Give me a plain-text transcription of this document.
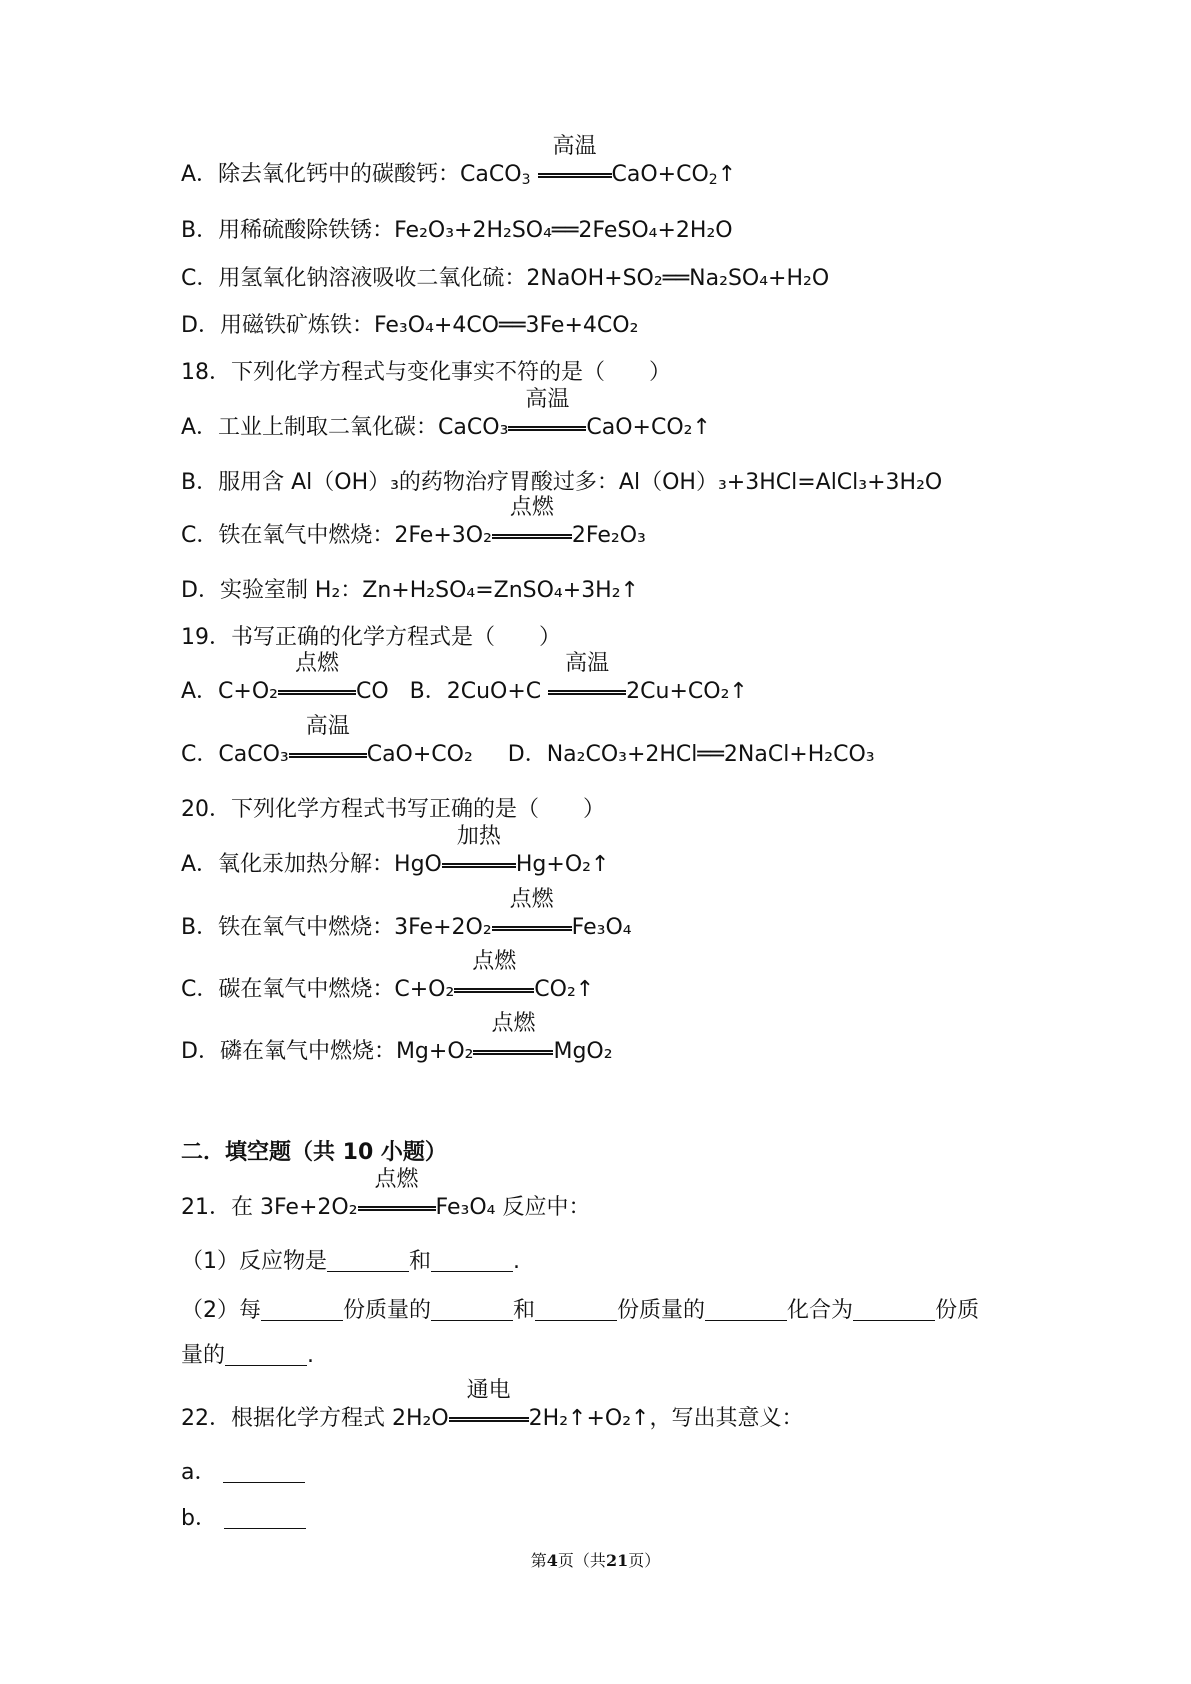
A．除去氧化钙中的碳酸钙：CaCO$_3$
高温
$CaO+CO_2↑$
B．用稀硫酸除铁锈：Fe₂O₃+2H₂SO₄══2FeSO₄+2H₂O
C．用氢氧化钠溶液吸收二氧化硫：2NaOH+SO₂══Na₂SO₄+H₂O
D．用磁铁矿炼铁：Fe₃O₄+4CO══3Fe+4CO₂
18．下列化学方程式与变化事实不符的是（　　）
A．工业上制取二氧化碳：CaCO₃
高温
CaO+CO₂↑
B．服用含 Al（OH）₃的药物治疗胃酸过多：Al（OH）₃+3HCl=AlCl₃+3H₂O
C．铁在氧气中燃烧：2Fe+3O₂
点燃
2Fe₂O₃
D．实验室制 H₂：Zn+H₂SO₄=ZnSO₄+3H₂↑
19．书写正确的化学方程式是（　　）
A．C+O₂
点燃
CO B．2CuO+C
高温
2Cu+CO₂↑
C．CaCO₃
高温
CaO+CO₂ D．Na₂CO₃+2HCl══2NaCl+H₂CO₃
20．下列化学方程式书写正确的是（　　）
A．氧化汞加热分解：HgO
加热
Hg+O₂↑
B．铁在氧气中燃烧：3Fe+2O₂
点燃
Fe₃O₄
C．碳在氧气中燃烧：C+O₂
点燃
CO₂↑
D．磷在氧气中燃烧：Mg+O₂
点燃
MgO₂
二．填空题（共 10 小题）
21．在 3Fe+2O₂
点燃
Fe₃O₄ 反应中：
（1）反应物是	和	.
（2）每	份质量的	和	份质量的	化合为	份质
量的	.
22．根据化学方程式 2H₂O
通电
2H₂↑+O₂↑，写出其意义：
a．
b．
第4页（共21页）
